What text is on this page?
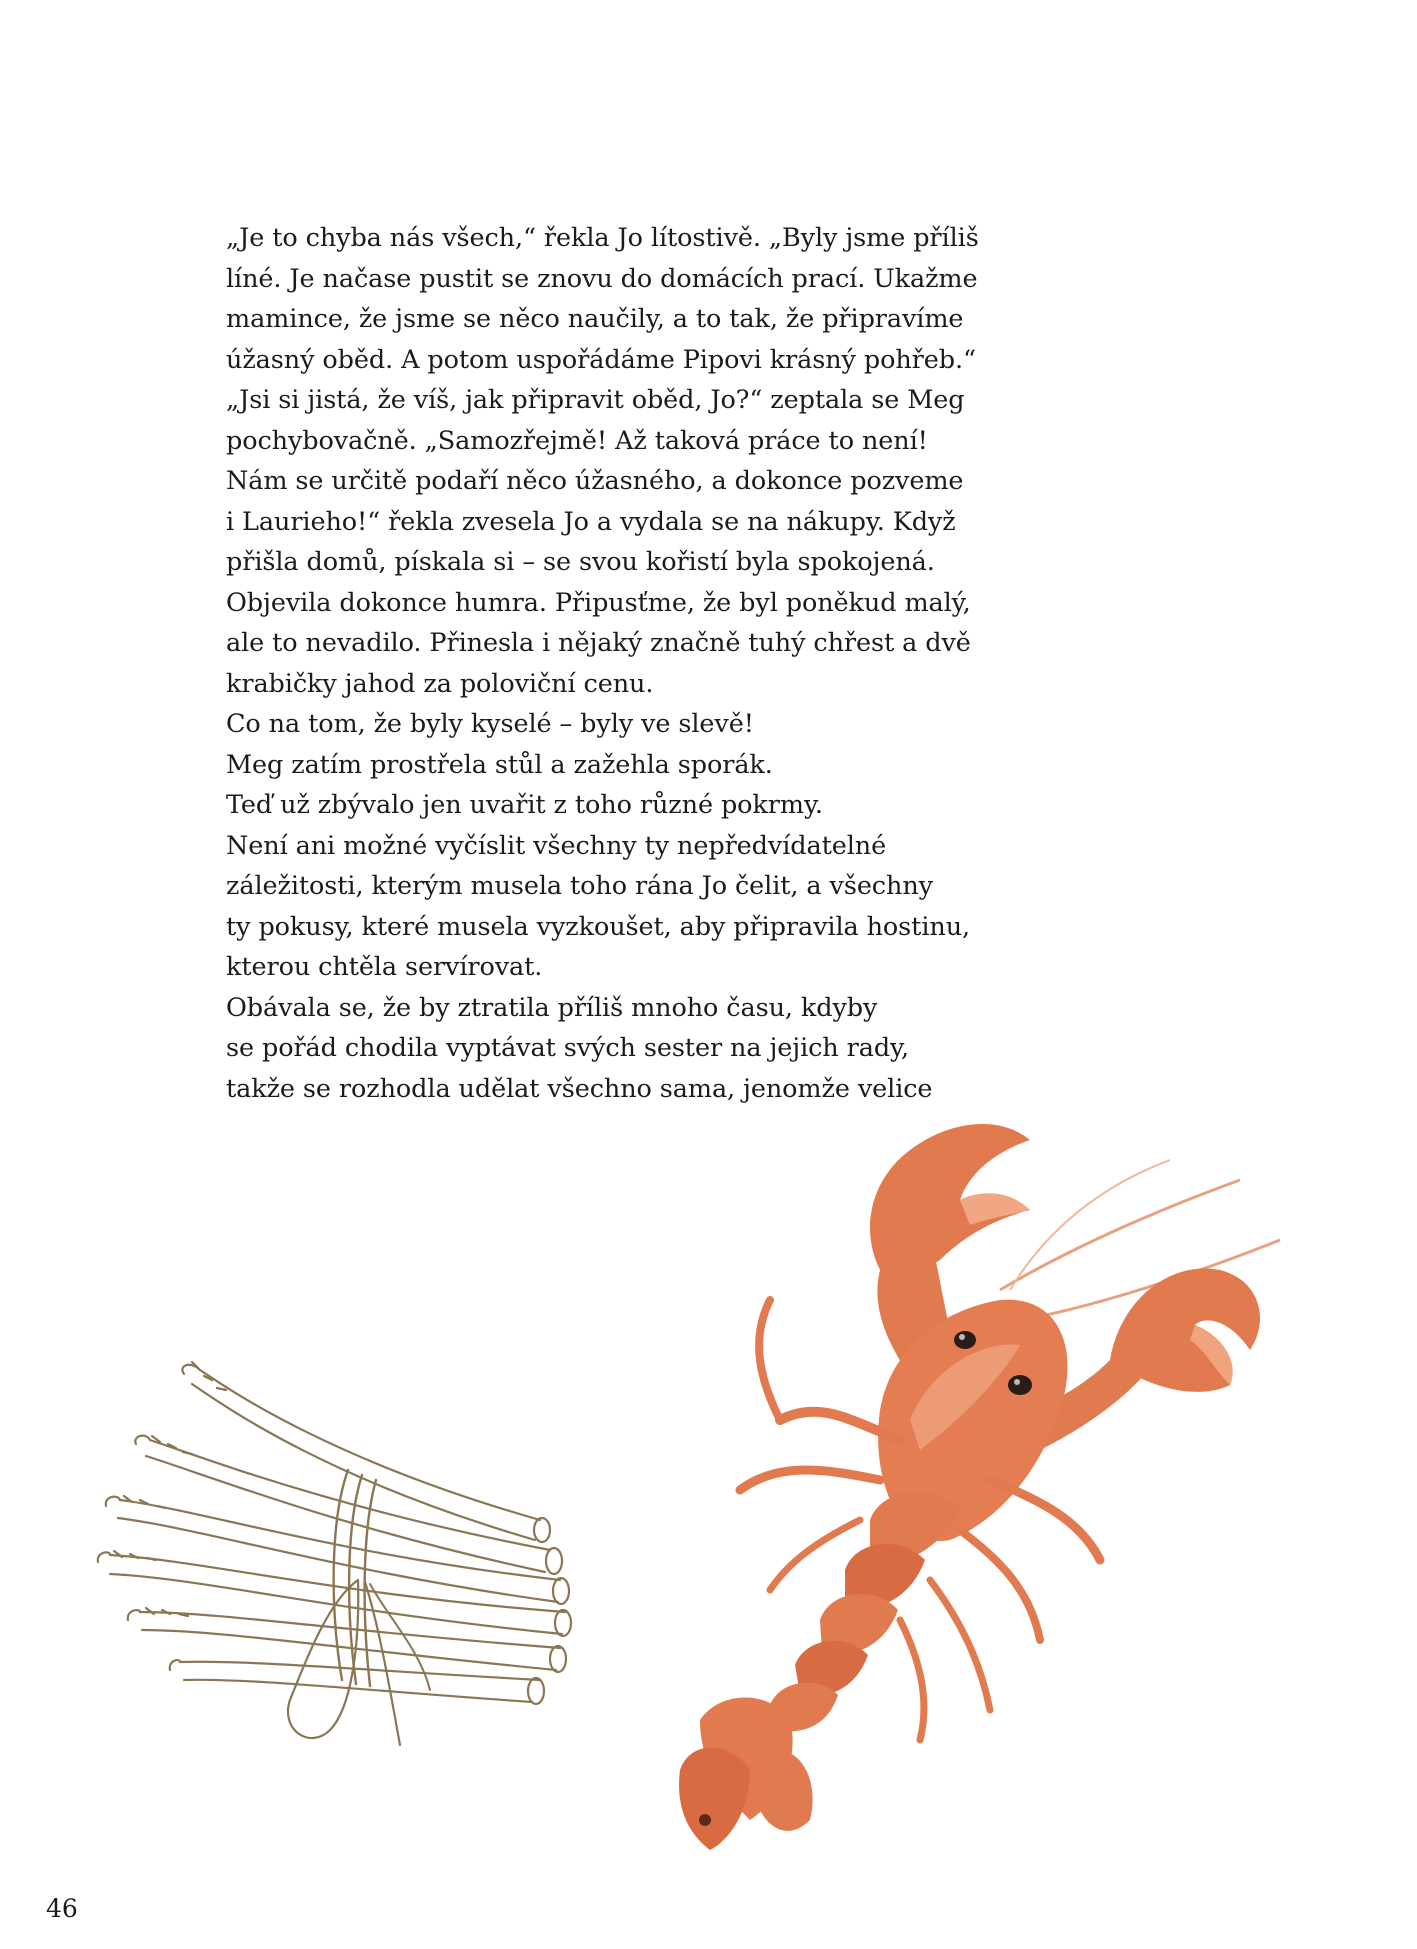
„Je to chyba nás všech,“ řekla Jo lítostivě. „Byly jsme příliš
líné. Je načase pustit se znovu do domácích prací. Ukažme
mamince, že jsme se něco naučily, a to tak, že připravíme
úžasný oběd. A potom uspořádáme Pipovi krásný pohřeb.“
„Jsi si jistá, že víš, jak připravit oběd, Jo?“ zeptala se Meg
pochybovačně. „Samozřejmě! Až taková práce to není!
Nám se určitě podaří něco úžasného, a dokonce pozveme
i Laurieho!“ řekla zvesela Jo a vydala se na nákupy. Když
přišla domů, pískala si – se svou kořistí byla spokojená.
Objevila dokonce humra. Připusťme, že byl poněkud malý,
ale to nevadilo. Přinesla i nějaký značně tuhý chřest a dvě
krabičky jahod za poloviční cenu.
Co na tom, že byly kyselé – byly ve slevě!
Meg zatím prostřela stůl a zažehla sporák.
Teď už zbývalo jen uvařit z toho různé pokrmy.
Není ani možné vyčíslit všechny ty nepředvídatelné
záležitosti, kterým musela toho rána Jo čelit, a všechny
ty pokusy, které musela vyzkoušet, aby připravila hostinu,
kterou chtěla servírovat.
Obávala se, že by ztratila příliš mnoho času, kdyby
se pořád chodila vyptávat svých sester na jejich rady,
takže se rozhodla udělat všechno sama, jenomže velice
46
